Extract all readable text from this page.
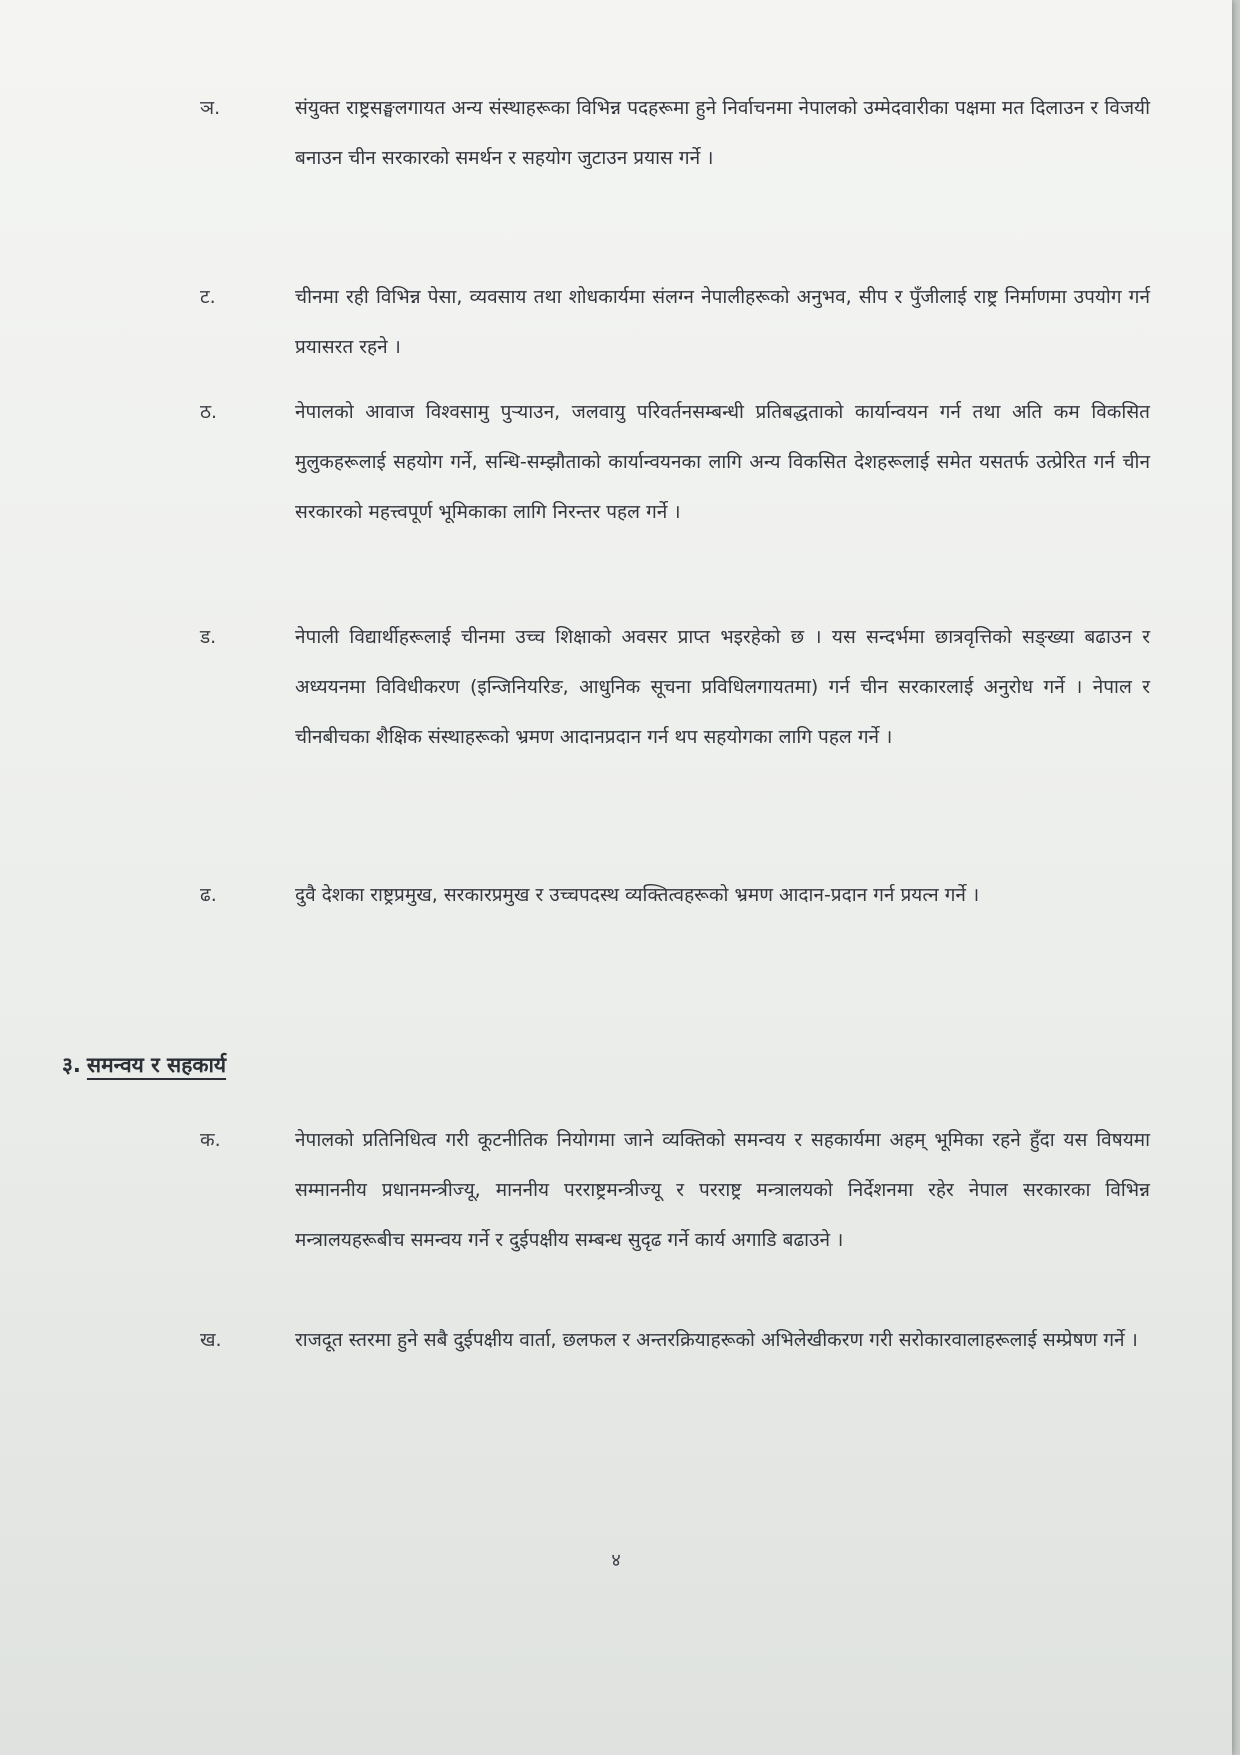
ञ.	संयुक्त राष्ट्रसङ्घलगायत अन्य संस्थाहरूका विभिन्न पदहरूमा हुने निर्वाचनमा नेपालको उम्मेदवारीका पक्षमा मत दिलाउन र विजयी बनाउन चीन सरकारको समर्थन र सहयोग जुटाउन प्रयास गर्ने ।
ट.	चीनमा रही विभिन्न पेसा, व्यवसाय तथा शोधकार्यमा संलग्न नेपालीहरूको अनुभव, सीप र पुँजीलाई राष्ट्र निर्माणमा उपयोग गर्न प्रयासरत रहने ।
ठ.	नेपालको आवाज विश्वसामु पुऱ्याउन, जलवायु परिवर्तनसम्बन्धी प्रतिबद्धताको कार्यान्वयन गर्न तथा अति कम विकसित मुलुकहरूलाई सहयोग गर्ने, सन्धि-सम्झौताको कार्यान्वयनका लागि अन्य विकसित देशहरूलाई समेत यसतर्फ उत्प्रेरित गर्न चीन सरकारको महत्त्वपूर्ण भूमिकाका लागि निरन्तर पहल गर्ने ।
ड.	नेपाली विद्यार्थीहरूलाई चीनमा उच्च शिक्षाको अवसर प्राप्त भइरहेको छ । यस सन्दर्भमा छात्रवृत्तिको सङ्ख्या बढाउन र अध्ययनमा विविधीकरण (इन्जिनियरिङ, आधुनिक सूचना प्रविधिलगायतमा) गर्न चीन सरकारलाई अनुरोध गर्ने । नेपाल र चीनबीचका शैक्षिक संस्थाहरूको भ्रमण आदानप्रदान गर्न थप सहयोगका लागि पहल गर्ने ।
ढ.	दुवै देशका राष्ट्रप्रमुख, सरकारप्रमुख र उच्चपदस्थ व्यक्तित्वहरूको भ्रमण आदान-प्रदान गर्न प्रयत्न गर्ने ।
३. समन्वय र सहकार्य
क.	नेपालको प्रतिनिधित्व गरी कूटनीतिक नियोगमा जाने व्यक्तिको समन्वय र सहकार्यमा अहम् भूमिका रहने हुँदा यस विषयमा सम्माननीय प्रधानमन्त्रीज्यू, माननीय परराष्ट्रमन्त्रीज्यू र परराष्ट्र मन्त्रालयको निर्देशनमा रहेर नेपाल सरकारका विभिन्न मन्त्रालयहरूबीच समन्वय गर्ने र दुईपक्षीय सम्बन्ध सुदृढ गर्ने कार्य अगाडि बढाउने ।
ख.	राजदूत स्तरमा हुने सबै दुईपक्षीय वार्ता, छलफल र अन्तरक्रियाहरूको अभिलेखीकरण गरी सरोकारवालाहरूलाई सम्प्रेषण गर्ने ।
४
